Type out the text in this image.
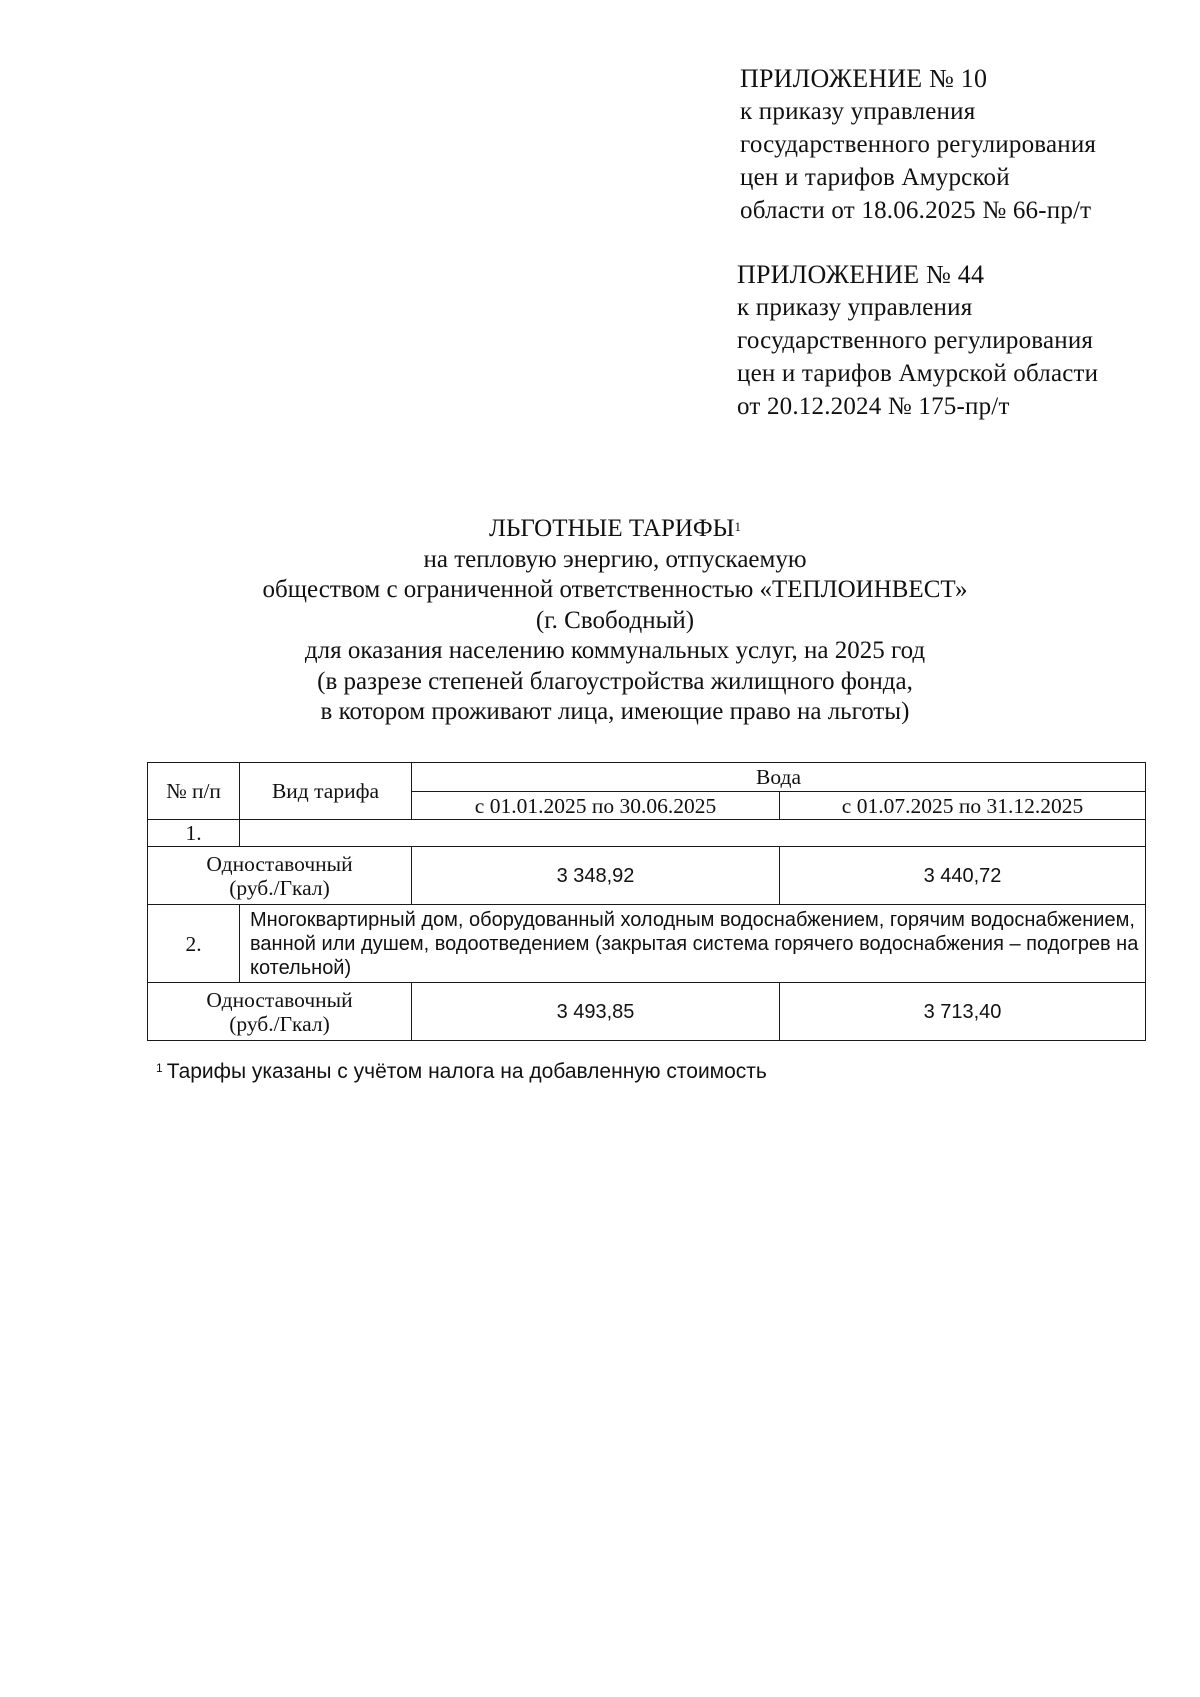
ПРИЛОЖЕНИЕ № 10
к приказу управления
государственного регулирования
цен и тарифов Амурской
области от 18.06.2025 № 66-пр/т
ПРИЛОЖЕНИЕ № 44
к приказу управления
государственного регулирования
цен и тарифов Амурской области
от 20.12.2024 № 175-пр/т
ЛЬГОТНЫЕ ТАРИФЫ$^1$
на тепловую энергию, отпускаемую
обществом с ограниченной ответственностью «ТЕПЛОИНВЕСТ»
(г. Свободный)
для оказания населению коммунальных услуг, на 2025 год
(в разрезе степеней благоустройства жилищного фонда,
в котором проживают лица, имеющие право на льготы)
№ п/п	Вид тарифа	Вода	
		с 01.01.2025 по 30.06.2025	с 01.07.2025 по 31.12.2025
1.			
Одноставочный
(руб./Гкал)		3 348,92	3 440,72
2.	Многоквартирный дом, оборудованный холодным водоснабжением, горячим водоснабжением, ванной или душем, водоотведением (закрытая система горячего водоснабжения – подогрев на котельной)		
Одноставочный
(руб./Гкал)		3 493,85	3 713,40
$^1$ Тарифы указаны с учётом налога на добавленную стоимость
